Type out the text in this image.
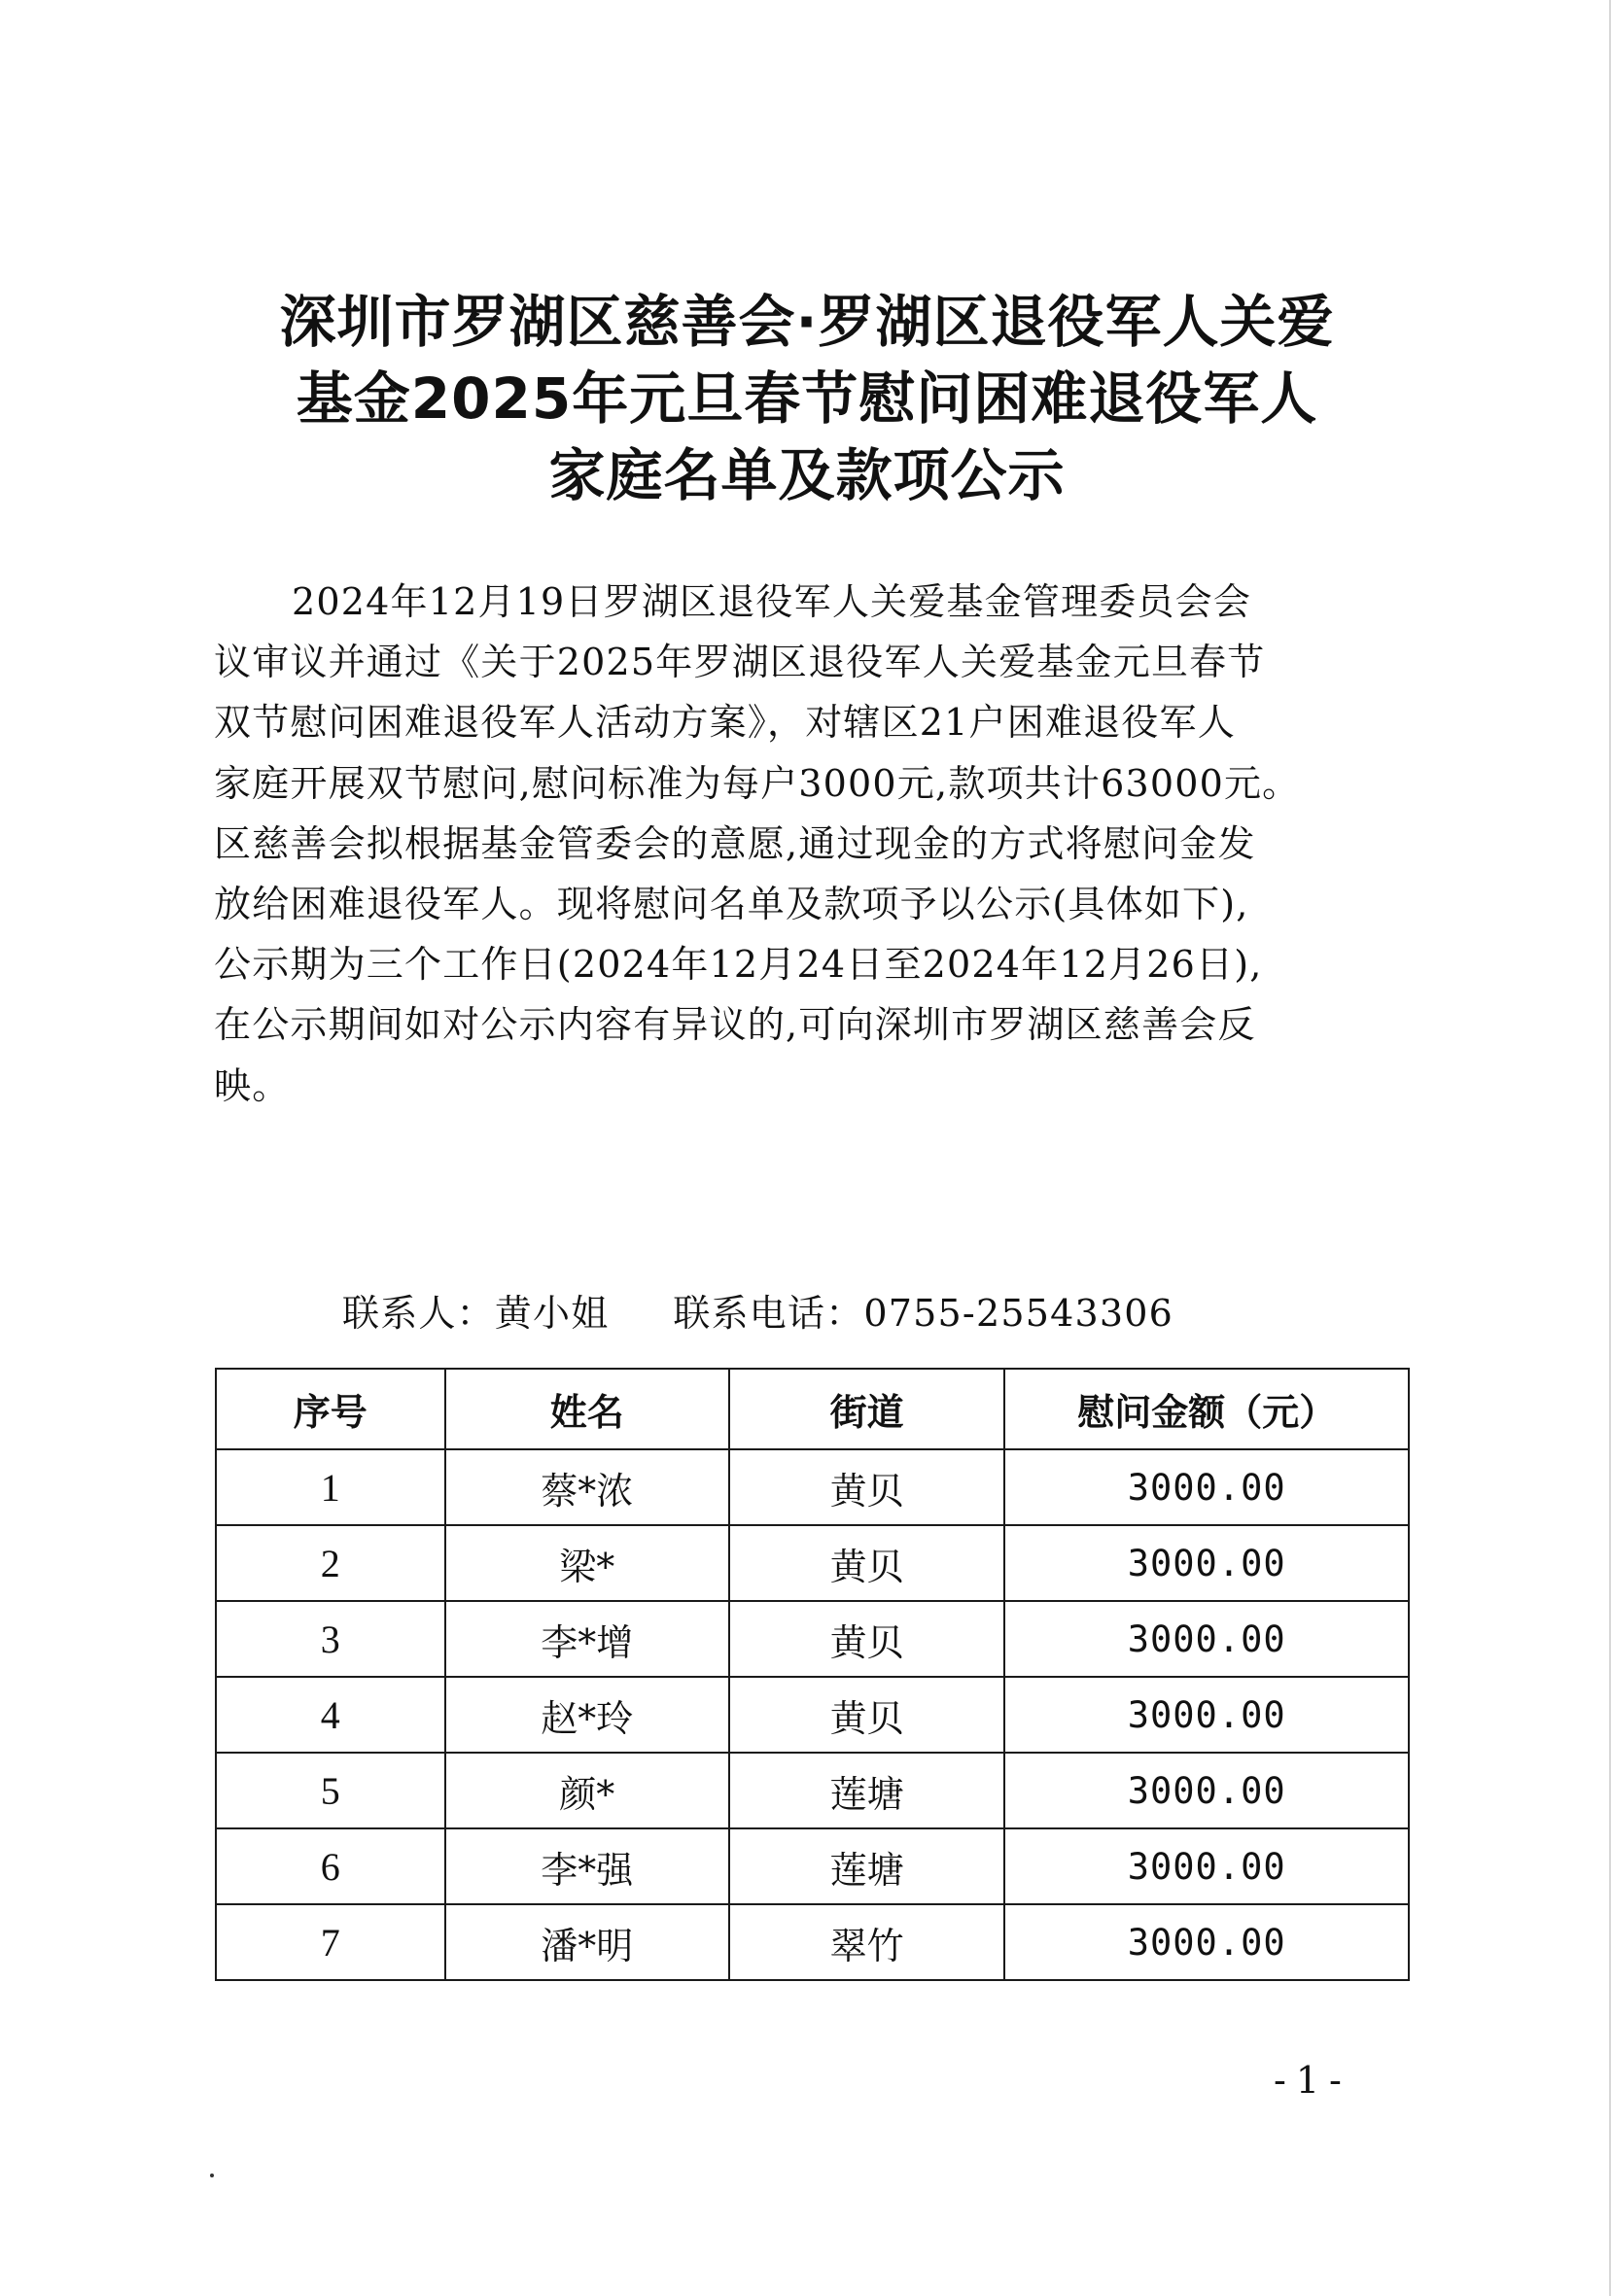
深圳市罗湖区慈善会·罗湖区退役军人关爱
基金2025年元旦春节慰问困难退役军人
家庭名单及款项公示
2024年12月19日罗湖区退役军人关爱基金管理委员会会
议审议并通过《关于2025年罗湖区退役军人关爱基金元旦春节
双节慰问困难退役军人活动方案》，对辖区21户困难退役军人
家庭开展双节慰问,慰问标准为每户3000元,款项共计63000元。
区慈善会拟根据基金管委会的意愿,通过现金的方式将慰问金发
放给困难退役军人。现将慰问名单及款项予以公示(具体如下),
公示期为三个工作日(2024年12月24日至2024年12月26日),
在公示期间如对公示内容有异议的,可向深圳市罗湖区慈善会反
映。
联系人：黄小姐 联系电话：0755-25543306
序号	姓名	街道	慰问金额（元）
1	蔡*浓	黄贝	3000.00
2	梁*	黄贝	3000.00
3	李*增	黄贝	3000.00
4	赵*玲	黄贝	3000.00
5	颜*	莲塘	3000.00
6	李*强	莲塘	3000.00
7	潘*明	翠竹	3000.00
-1-
